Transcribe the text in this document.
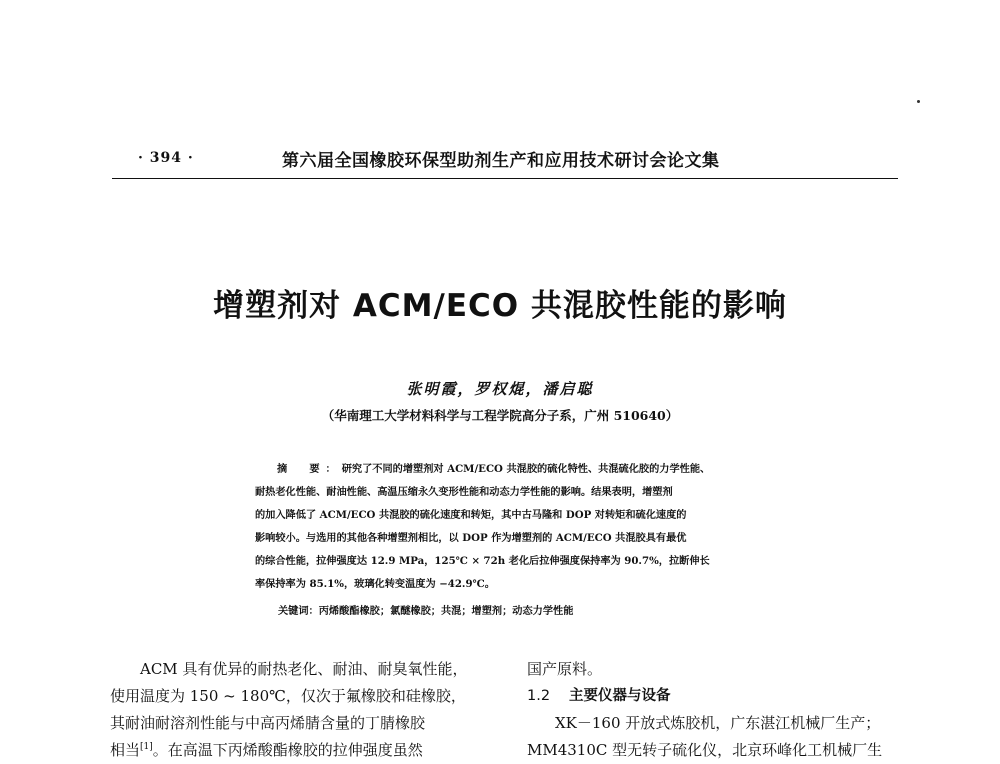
· 394 ·	第六届全国橡胶环保型助剂生产和应用技术研讨会论文集
增塑剂对 ACM/ECO 共混胶性能的影响
张明霞，罗权焜，潘启聪
（华南理工大学材料科学与工程学院高分子系，广州 510640）
摘　要：研究了不同的增塑剂对 ACM/ECO 共混胶的硫化特性、共混硫化胶的力学性能、
耐热老化性能、耐油性能、高温压缩永久变形性能和动态力学性能的影响。结果表明，增塑剂
的加入降低了 ACM/ECO 共混胶的硫化速度和转矩，其中古马隆和 DOP 对转矩和硫化速度的
影响较小。与选用的其他各种增塑剂相比，以 DOP 作为增塑剂的 ACM/ECO 共混胶具有最优
的综合性能，拉伸强度达 12.9 MPa，125℃ × 72h 老化后拉伸强度保持率为 90.7%，拉断伸长
率保持率为 85.1%，玻璃化转变温度为 −42.9℃。
关键词：丙烯酸酯橡胶；氯醚橡胶；共混；增塑剂；动态力学性能
ACM 具有优异的耐热老化、耐油、耐臭氧性能，
使用温度为 150 ~ 180℃，仅次于氟橡胶和硅橡胶，
其耐油耐溶剂性能与中高丙烯腈含量的丁腈橡胶
相当[1]。在高温下丙烯酸酯橡胶的拉伸强度虽然
国产原料。
1.2 主要仪器与设备
XK－160 开放式炼胶机，广东湛江机械厂生产；
MM4310C 型无转子硫化仪，北京环峰化工机械厂生
